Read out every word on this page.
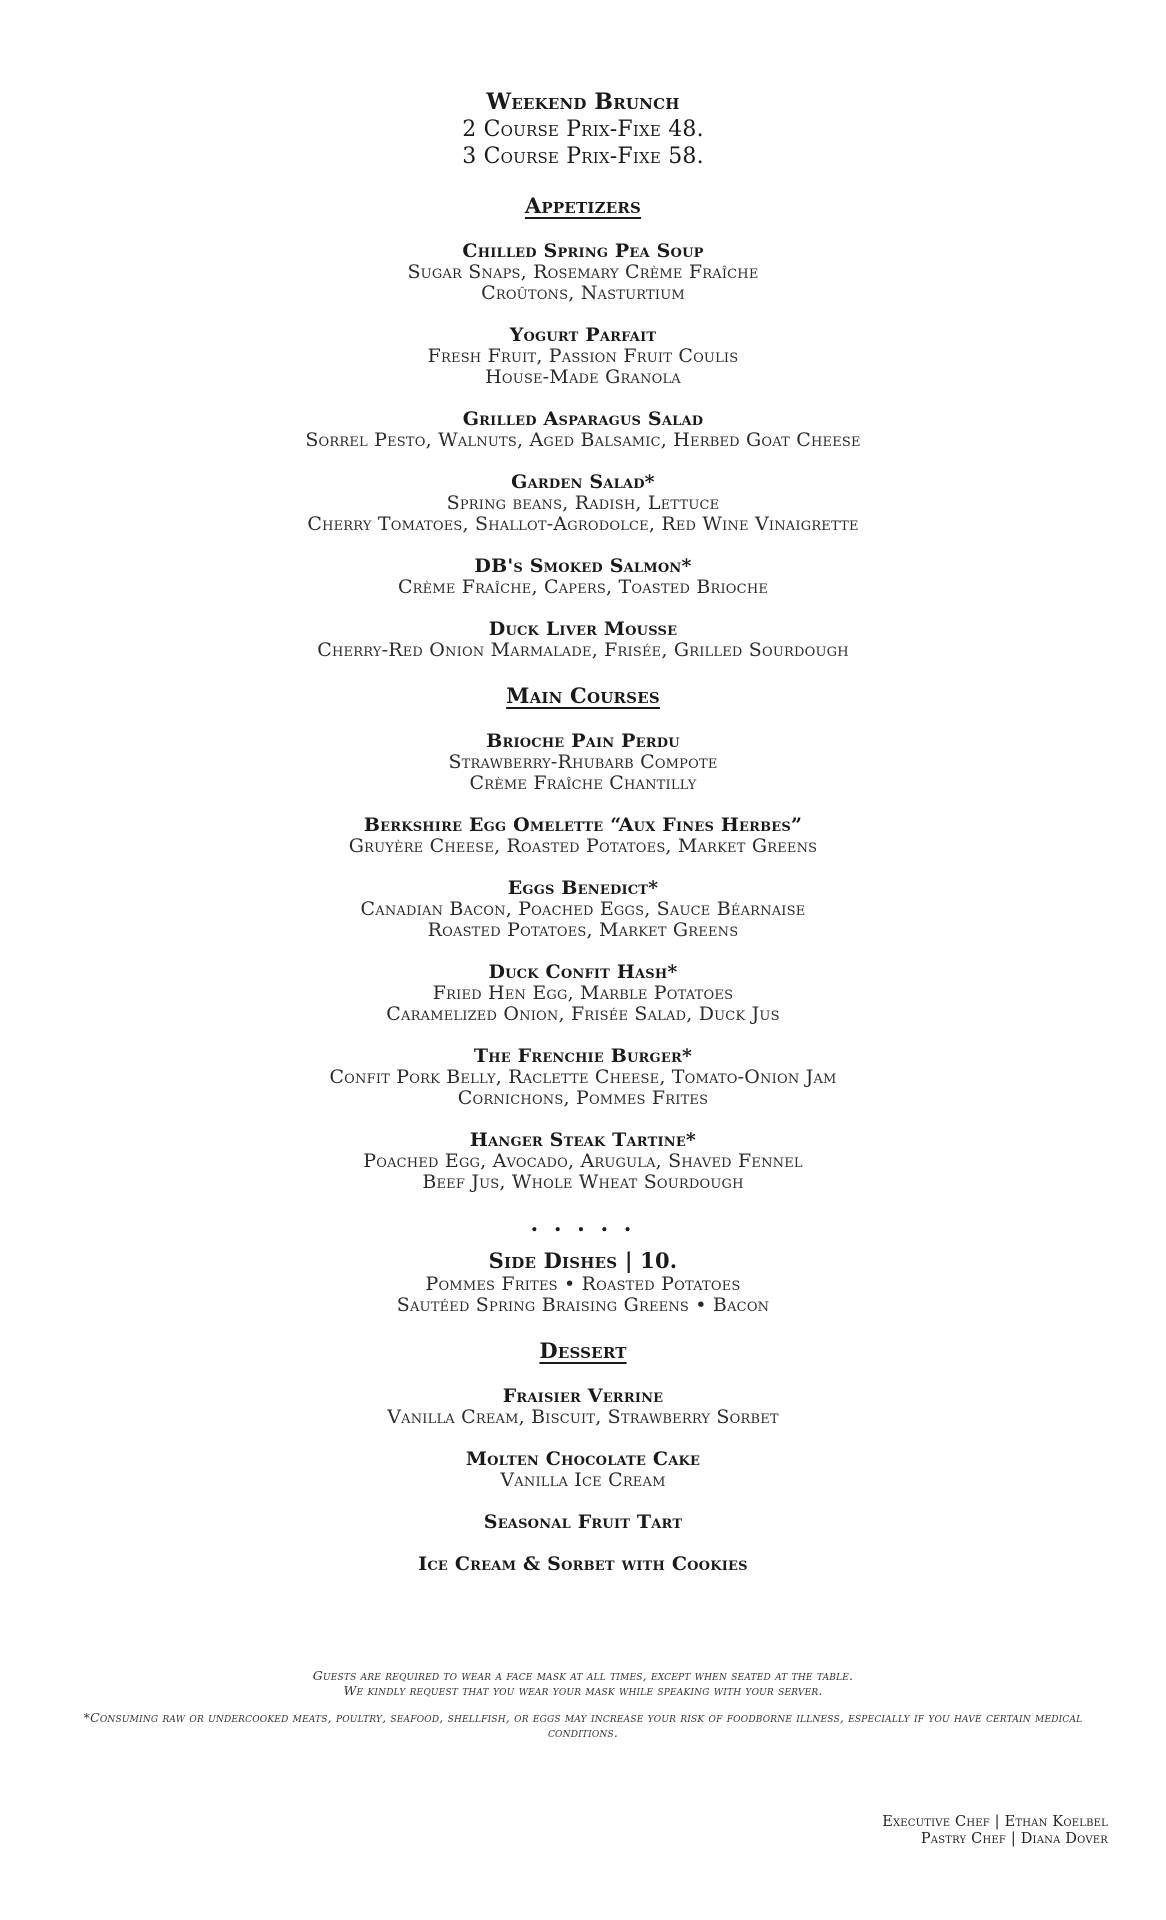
Weekend Brunch
2 Course Prix-Fixe 48.
3 Course Prix-Fixe 58.
Appetizers
Chilled Spring Pea Soup
Sugar Snaps, Rosemary Crème Fraîche
Croûtons, Nasturtium
Yogurt Parfait
Fresh Fruit, Passion Fruit Coulis
House-Made Granola
Grilled Asparagus Salad
Sorrel Pesto, Walnuts, Aged Balsamic, Herbed Goat Cheese
Garden Salad*
Spring beans, Radish, Lettuce
Cherry Tomatoes, Shallot-Agrodolce, Red Wine Vinaigrette
DB's Smoked Salmon*
Crème Fraîche, Capers, Toasted Brioche
Duck Liver Mousse
Cherry-Red Onion Marmalade, Frisée, Grilled Sourdough
Main Courses
Brioche Pain Perdu
Strawberry-Rhubarb Compote
Crème Fraîche Chantilly
Berkshire Egg Omelette “Aux Fines Herbes”
Gruyère Cheese, Roasted Potatoes, Market Greens
Eggs Benedict*
Canadian Bacon, Poached Eggs, Sauce Béarnaise
Roasted Potatoes, Market Greens
Duck Confit Hash*
Fried Hen Egg, Marble Potatoes
Caramelized Onion, Frisée Salad, Duck Jus
The Frenchie Burger*
Confit Pork Belly, Raclette Cheese, Tomato-Onion Jam
Cornichons, Pommes Frites
Hanger Steak Tartine*
Poached Egg, Avocado, Arugula, Shaved Fennel
Beef Jus, Whole Wheat Sourdough
. . . . .
Side Dishes | 10.
Pommes Frites • Roasted Potatoes
Sautéed Spring Braising Greens • Bacon
Dessert
Fraisier Verrine
Vanilla Cream, Biscuit, Strawberry Sorbet
Molten Chocolate Cake
Vanilla Ice Cream
Seasonal Fruit Tart
Ice Cream & Sorbet with Cookies

Guests are required to wear a face mask at all times, except when seated at the table.

We kindly request that you wear your mask while speaking with your server.

*Consuming raw or undercooked meats, poultry, seafood, shellfish, or eggs may increase your risk of foodborne illness, especially if you have certain medical conditions.

Executive Chef | Ethan Koelbel
Pastry Chef | Diana Dover
